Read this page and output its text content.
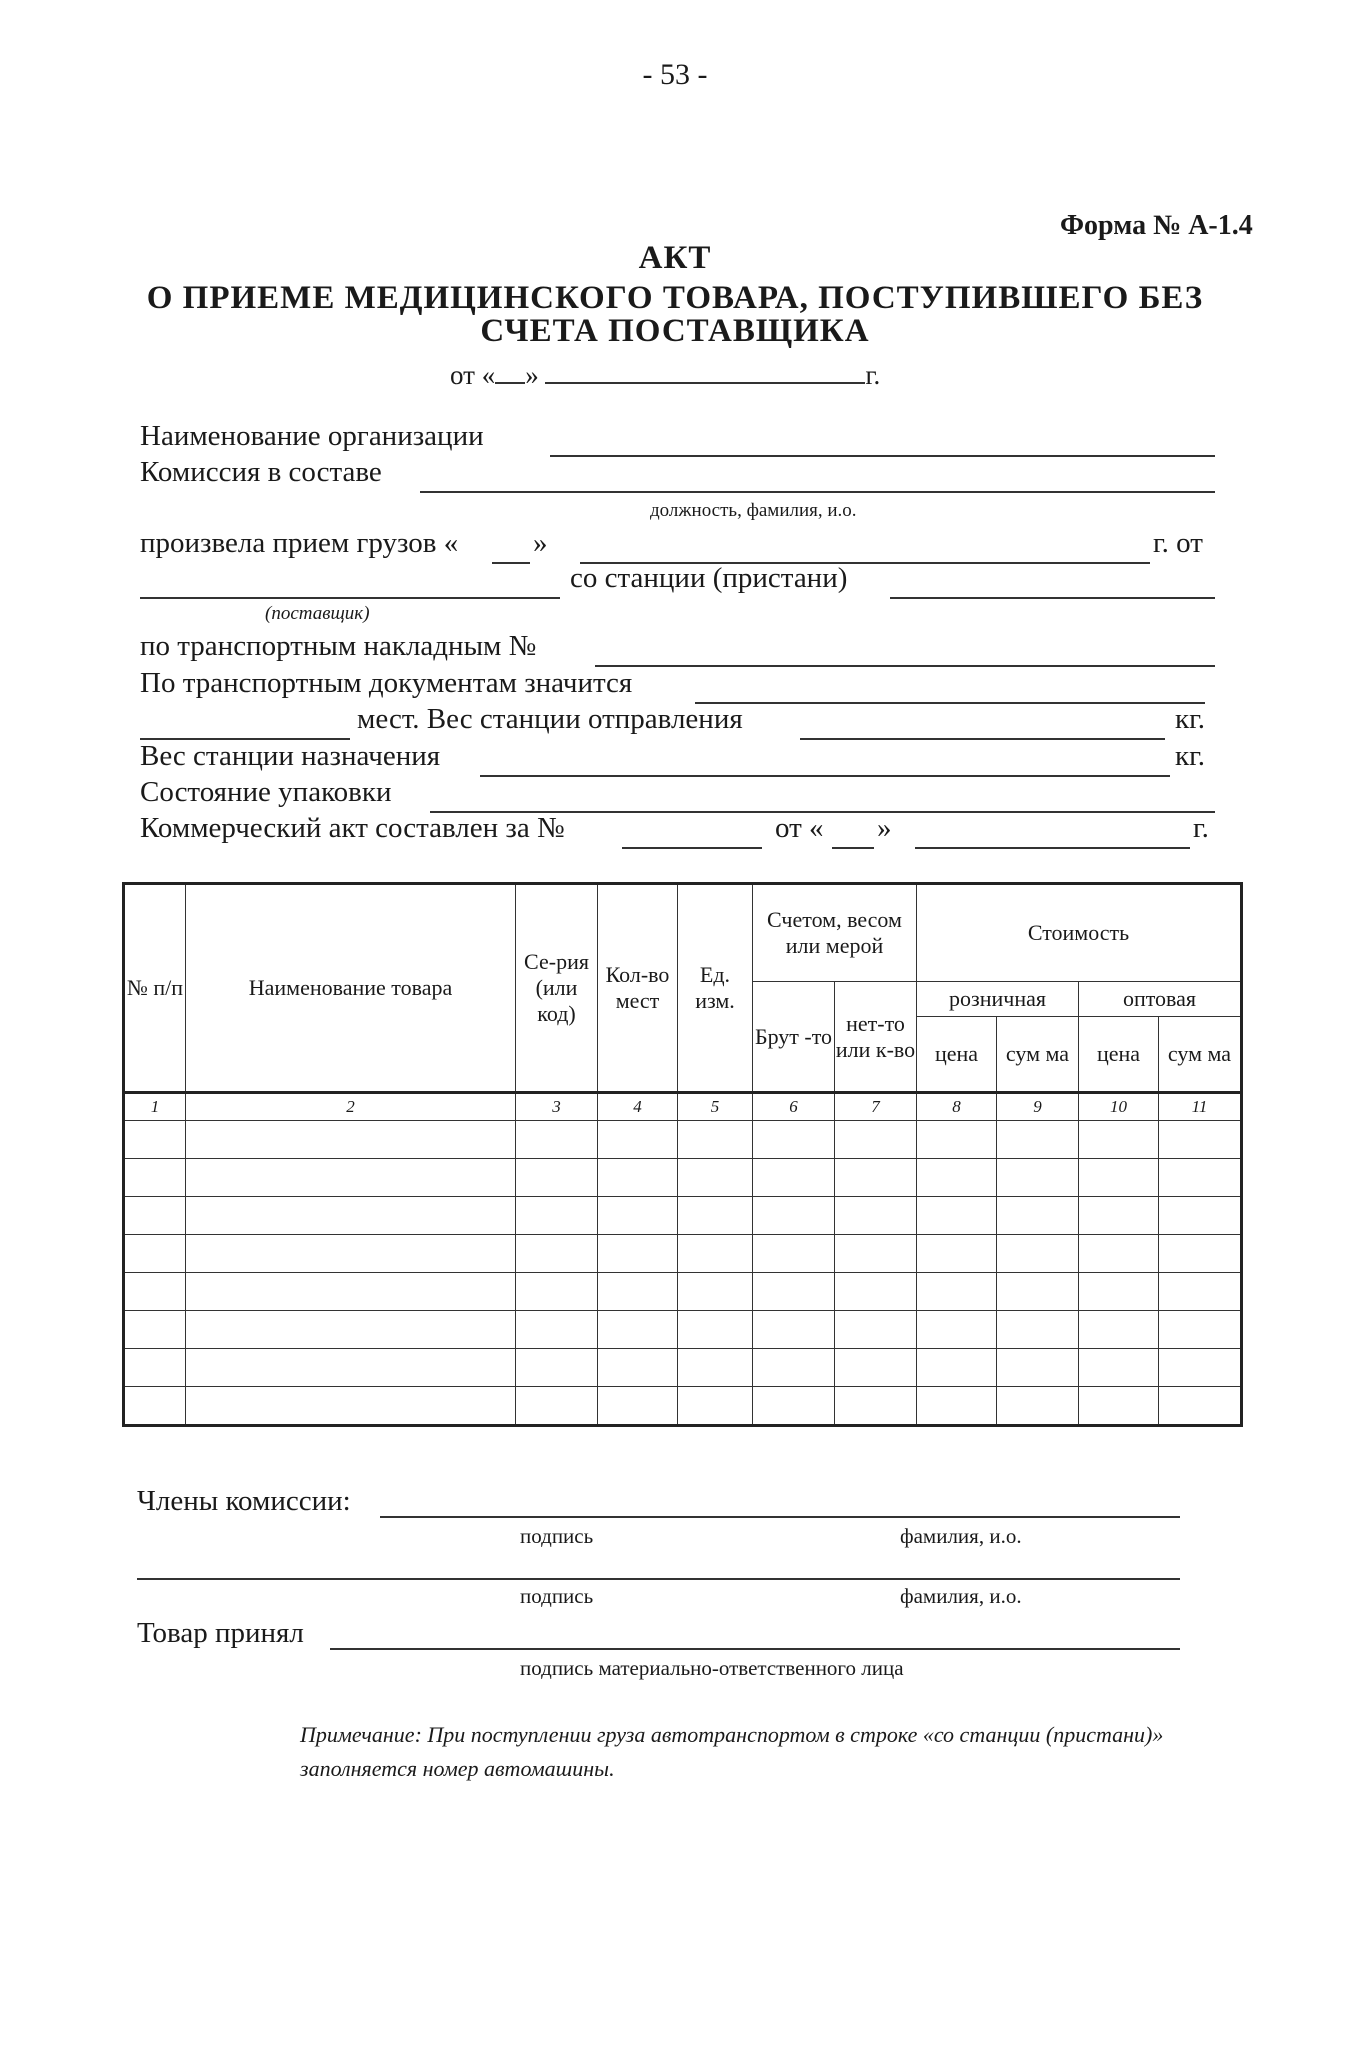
- 53 -
Форма № А-1.4
АКТ
О ПРИЕМЕ МЕДИЦИНСКОГО ТОВАРА, ПОСТУПИВШЕГО БЕЗ
СЧЕТА ПОСТАВЩИКА
от « »	г.
Наименование организации
Комиссия в составе
должность, фамилия, и.о.
произвела прием грузов «	»	г. от
со станции (пристани)
(поставщик)
по транспортным накладным №
По транспортным документам значится
мест. Вес станции отправления	кг.
Вес станции назначения	кг.
Состояние упаковки
Коммерческий акт составлен за №	от « »	г.
№ п/п	Наименование товара	Се-рия (или код)	Кол-во мест	Ед. изм.	Счетом, весом или мерой		Стоимость			
					Брут -то	нет-то или к-во	розничная		оптовая	
							цена	сум ма	цена	сум ма
1	2	3	4	5	6	7	8	9	10	11

Члены комиссии:
подпись	фамилия, и.о.
подпись	фамилия, и.о.
Товар принял
подпись материально-ответственного лица
Примечание: При поступлении груза автотранспортом в строке «со станции (пристани)» заполняется номер автомашины.
